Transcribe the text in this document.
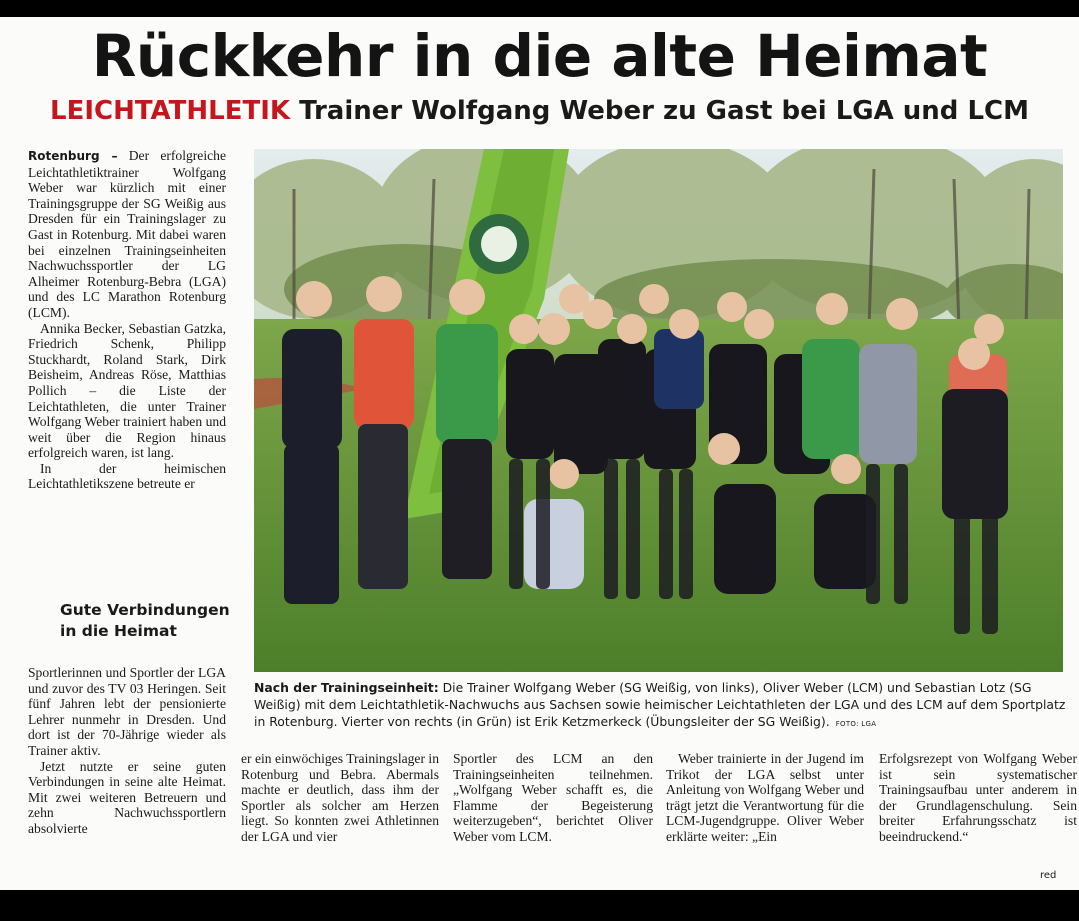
Rückkehr in die alte Heimat
LEICHTATHLETIK Trainer Wolfgang Weber zu Gast bei LGA und LCM

Rotenburg – Der erfolgreiche Leichtathletiktrainer Wolfgang Weber war kürzlich mit einer Trainingsgruppe der SG Weißig aus Dresden für ein Trainingslager zu Gast in Rotenburg. Mit dabei waren bei einzelnen Trainingseinheiten Nachwuchssportler der LG Alheimer Rotenburg-Bebra (LGA) und des LC Marathon Rotenburg (LCM).

Annika Becker, Sebastian Gatzka, Friedrich Schenk, Philipp Stuckhardt, Roland Stark, Dirk Beisheim, Andreas Röse, Matthias Pollich – die Liste der Leichtathleten, die unter Trainer Wolfgang Weber trainiert haben und weit über die Region hinaus erfolgreich waren, ist lang.

In der heimischen Leichtathletikszene betreute er

Gute Verbindungen in die Heimat

Sportlerinnen und Sportler der LGA und zuvor des TV 03 Heringen. Seit fünf Jahren lebt der pensionierte Lehrer nunmehr in Dresden. Und dort ist der 70-Jährige wieder als Trainer aktiv.

Jetzt nutzte er seine guten Verbindungen in seine alte Heimat. Mit zwei weiteren Betreuern und zehn Nachwuchssportlern absolvierte

er ein einwöchiges Trainingslager in Rotenburg und Bebra. Abermals machte er deutlich, dass ihm der Sportler als solcher am Herzen liegt. So konnten zwei Athletinnen der LGA und vier

Sportler des LCM an den Trainingseinheiten teilnehmen. „Wolfgang Weber schafft es, die Flamme der Begeisterung weiterzugeben“, berichtet Oliver Weber vom LCM.

Weber trainierte in der Jugend im Trikot der LGA selbst unter Anleitung von Wolfgang Weber und trägt jetzt die Verantwortung für die LCM-Jugendgruppe. Oliver Weber erklärte weiter: „Ein

Erfolgsrezept von Wolfgang Weber ist sein systematischer Trainingsaufbau unter anderem in der Grundlagenschulung. Sein breiter Erfahrungsschatz ist beeindruckend.“

Nach der Trainingseinheit: Die Trainer Wolfgang Weber (SG Weißig, von links), Oliver Weber (LCM) und Sebastian Lotz (SG Weißig) mit dem Leichtathletik-Nachwuchs aus Sachsen sowie heimischer Leichtathleten der LGA und des LCM auf dem Sportplatz in Rotenburg. Vierter von rechts (in Grün) ist Erik Ketzmerkeck (Übungsleiter der SG Weißig). FOTO: LGA

red
